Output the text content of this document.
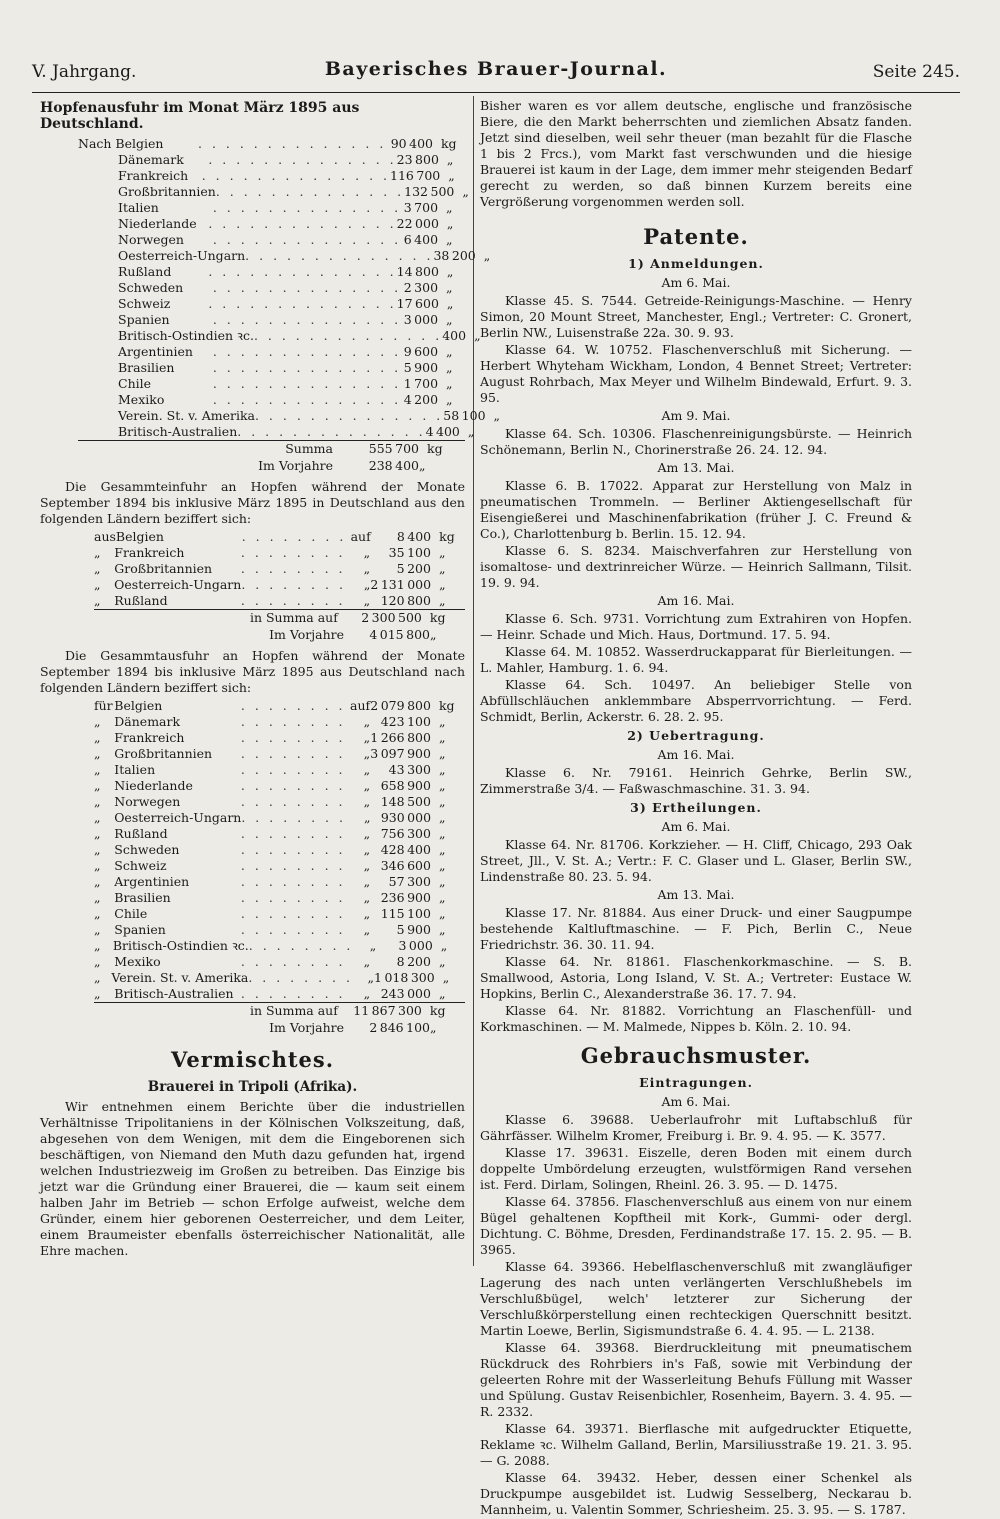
V. Jahrgang.	Bayerisches Brauer-Journal.	Seite 245.
Hopfenausfuhr im Monat März 1895 aus Deutschland.
Nach Belgien	. . . . . . . . . . . . . . 90 400 kg
Dänemark	. . . . . . . . . . . . . . 23 800 „
Frankreich	. . . . . . . . . . . . . . 116 700 „
Großbritannien . . . . . . . . . . . . . . 132 500 „
Italien	. . . . . . . . . . . . . . 3 700 „
Niederlande . . . . . . . . . . . . . . 22 000 „
Norwegen	. . . . . . . . . . . . . . 6 400 „
Oesterreich-Ungarn . . . . . . . . . . . . . . 38 200 „
Rußland	. . . . . . . . . . . . . . 14 800 „
Schweden	. . . . . . . . . . . . . . 2 300 „
Schweiz	. . . . . . . . . . . . . . 17 600 „
Spanien	. . . . . . . . . . . . . . 3 000 „
Britisch-Ostindien ꝛc. . . . . . . . . . . . . . . 400 „
Argentinien	. . . . . . . . . . . . . . 9 600 „
Brasilien	. . . . . . . . . . . . . . 5 900 „
Chile	. . . . . . . . . . . . . . 1 700 „
Mexiko	. . . . . . . . . . . . . . 4 200 „
Verein. St. v. Amerika . . . . . . . . . . . . . . 58 100 „
Britisch-Australien . . . . . . . . . . . . . . 4 400 „
Summa	555 700 kg
Im Vorjahre	238 400 „
Die Gesammteinfuhr an Hopfen während der Monate September 1894 bis inklusive März 1895 in Deutschland aus den folgenden Ländern beziffert sich:
aus Belgien	. . . . . . . . auf	8 400 kg
„	Frankreich	. . . . . . . .	„	35 100 „
„	Großbritannien	. . . . . . . .	„	5 200 „
„	Oesterreich-Ungarn . . . . . . . .	„ 2 131 000 „
„	Rußland	. . . . . . . .	„ 120 800 „
in Summa auf	2 300 500 kg
Im Vorjahre	4 015 800 „
Die Gesammtausfuhr an Hopfen während der Monate September 1894 bis inklusive März 1895 aus Deutschland nach folgenden Ländern beziffert sich:
für Belgien	. . . . . . . . auf 2 079 800 kg
„	Dänemark	. . . . . . . .	„ 423 100 „
„	Frankreich	. . . . . . . .	„ 1 266 800 „
„	Großbritannien	. . . . . . . .	„ 3 097 900 „
„	Italien	. . . . . . . .	„	43 300 „
„	Niederlande	. . . . . . . .	„ 658 900 „
„	Norwegen	. . . . . . . .	„ 148 500 „
„	Oesterreich-Ungarn . . . . . . . .	„ 930 000 „
„	Rußland	. . . . . . . .	„ 756 300 „
„	Schweden	. . . . . . . .	„ 428 400 „
„	Schweiz	. . . . . . . .	„ 346 600 „
„	Argentinien	. . . . . . . .	„	57 300 „
„	Brasilien	. . . . . . . .	„ 236 900 „
„	Chile	. . . . . . . .	„ 115 100 „
„	Spanien	. . . . . . . .	„	5 900 „
„ Britisch-Ostindien ꝛc. . . . . . . . .	„	3 000 „
„	Mexiko	. . . . . . . .	„	8 200 „
„ Verein. St. v. Amerika . . . . . . . .	„ 1 018 300 „
„	Britisch-Australien . . . . . . . .	„ 243 000 „
in Summa auf	11 867 300 kg
Im Vorjahre	2 846 100 „
Vermischtes.
Brauerei in Tripoli (Afrika).
Wir entnehmen einem Berichte über die industriellen Verhältnisse Tripolitaniens in der Kölnischen Volkszeitung, daß, abgesehen von dem Wenigen, mit dem die Eingeborenen sich beschäftigen, von Niemand den Muth dazu gefunden hat, irgend welchen Industriezweig im Großen zu betreiben. Das Einzige bis jetzt war die Gründung einer Brauerei, die — kaum seit einem halben Jahr im Betrieb — schon Erfolge aufweist, welche dem Gründer, einem hier geborenen Oesterreicher, und dem Leiter, einem Braumeister ebenfalls österreichischer Nationalität, alle Ehre machen.
Bisher waren es vor allem deutsche, englische und französische Biere, die den Markt beherrschten und ziemlichen Absatz fanden. Jetzt sind dieselben, weil sehr theuer (man bezahlt für die Flasche 1 bis 2 Frcs.), vom Markt fast verschwunden und die hiesige Brauerei ist kaum in der Lage, dem immer mehr steigenden Bedarf gerecht zu werden, so daß binnen Kurzem bereits eine Vergrößerung vorgenommen werden soll.
Patente.
1) Anmeldungen.
Am 6. Mai.
Klasse 45. S. 7544. Getreide-Reinigungs-Maschine. — Henry Simon, 20 Mount Street, Manchester, Engl.; Vertreter: C. Gronert, Berlin NW., Luisenstraße 22a. 30. 9. 93.
Klasse 64. W. 10752. Flaschenverschluß mit Sicherung. — Herbert Whyteham Wickham, London, 4 Bennet Street; Vertreter: August Rohrbach, Max Meyer und Wilhelm Bindewald, Erfurt. 9. 3. 95.
Am 9. Mai.
Klasse 64. Sch. 10306. Flaschenreinigungsbürste. — Heinrich Schönemann, Berlin N., Chorinerstraße 26. 24. 12. 94.
Am 13. Mai.
Klasse 6. B. 17022. Apparat zur Herstellung von Malz in pneumatischen Trommeln. — Berliner Aktiengesellschaft für Eisengießerei und Maschinenfabrikation (früher J. C. Freund & Co.), Charlottenburg b. Berlin. 15. 12. 94.
Klasse 6. S. 8234. Maischverfahren zur Herstellung von isomaltose- und dextrinreicher Würze. — Heinrich Sallmann, Tilsit. 19. 9. 94.
Am 16. Mai.
Klasse 6. Sch. 9731. Vorrichtung zum Extrahiren von Hopfen. — Heinr. Schade und Mich. Haus, Dortmund. 17. 5. 94.
Klasse 64. M. 10852. Wasserdruckapparat für Bierleitungen. — L. Mahler, Hamburg. 1. 6. 94.
Klasse 64. Sch. 10497. An beliebiger Stelle von Abfüllschläuchen anklemmbare Absperrvorrichtung. — Ferd. Schmidt, Berlin, Ackerstr. 6. 28. 2. 95.
2) Uebertragung.
Am 16. Mai.
Klasse 6. Nr. 79161. Heinrich Gehrke, Berlin SW., Zimmerstraße 3/4. — Faßwaschmaschine. 31. 3. 94.
3) Ertheilungen.
Am 6. Mai.
Klasse 64. Nr. 81706. Korkzieher. — H. Cliff, Chicago, 293 Oak Street, Jll., V. St. A.; Vertr.: F. C. Glaser und L. Glaser, Berlin SW., Lindenstraße 80. 23. 5. 94.
Am 13. Mai.
Klasse 17. Nr. 81884. Aus einer Druck- und einer Saugpumpe bestehende Kaltluftmaschine. — F. Pich, Berlin C., Neue Friedrichstr. 36. 30. 11. 94.
Klasse 64. Nr. 81861. Flaschenkorkmaschine. — S. B. Smallwood, Astoria, Long Island, V. St. A.; Vertreter: Eustace W. Hopkins, Berlin C., Alexanderstraße 36. 17. 7. 94.
Klasse 64. Nr. 81882. Vorrichtung an Flaschenfüll- und Korkmaschinen. — M. Malmede, Nippes b. Köln. 2. 10. 94.
Gebrauchsmuster.
Eintragungen.
Am 6. Mai.
Klasse 6. 39688. Ueberlaufrohr mit Luftabschluß für Gährfässer. Wilhelm Kromer, Freiburg i. Br. 9. 4. 95. — K. 3577.
Klasse 17. 39631. Eiszelle, deren Boden mit einem durch doppelte Umbördelung erzeugten, wulstförmigen Rand versehen ist. Ferd. Dirlam, Solingen, Rheinl. 26. 3. 95. — D. 1475.
Klasse 64. 37856. Flaschenverschluß aus einem von nur einem Bügel gehaltenen Kopftheil mit Kork-, Gummi- oder dergl. Dichtung. C. Böhme, Dresden, Ferdinandstraße 17. 15. 2. 95. — B. 3965.
Klasse 64. 39366. Hebelflaschenverschluß mit zwangläufiger Lagerung des nach unten verlängerten Verschlußhebels im Verschlußbügel, welch' letzterer zur Sicherung der Verschlußkörperstellung einen rechteckigen Querschnitt besitzt. Martin Loewe, Berlin, Sigismundstraße 6. 4. 4. 95. — L. 2138.
Klasse 64. 39368. Bierdruckleitung mit pneumatischem Rückdruck des Rohrbiers in's Faß, sowie mit Verbindung der geleerten Rohre mit der Wasserleitung Behufs Füllung mit Wasser und Spülung. Gustav Reisenbichler, Rosenheim, Bayern. 3. 4. 95. — R. 2332.
Klasse 64. 39371. Bierflasche mit aufgedruckter Etiquette, Reklame ꝛc. Wilhelm Galland, Berlin, Marsiliusstraße 19. 21. 3. 95. — G. 2088.
Klasse 64. 39432. Heber, dessen einer Schenkel als Druckpumpe ausgebildet ist. Ludwig Sesselberg, Neckarau b. Mannheim, u. Valentin Sommer, Schriesheim. 25. 3. 95. — S. 1787.
